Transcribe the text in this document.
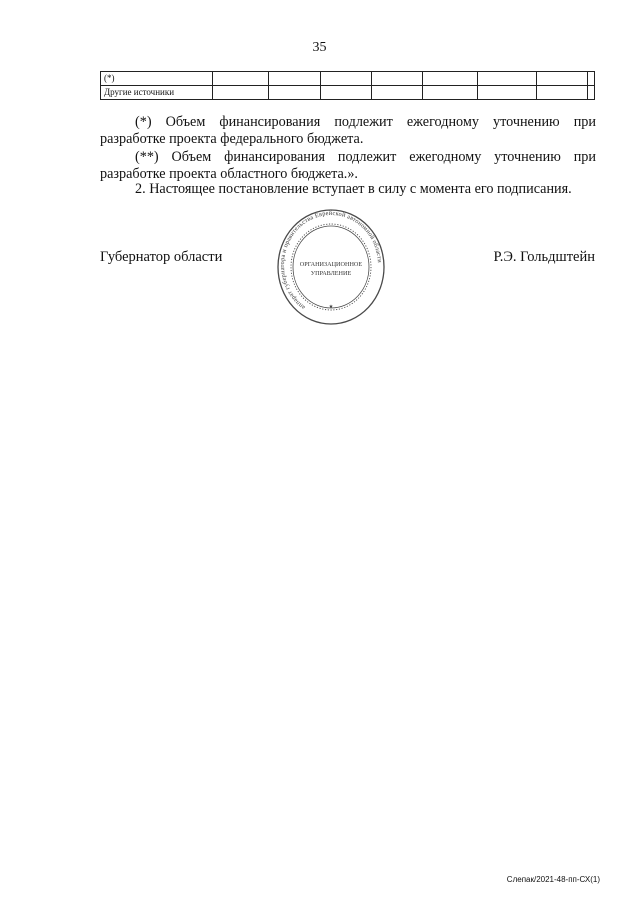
35
(*)								
Другие источники								

(*) Объем финансирования подлежит ежегодному уточнению при разработке проекта федерального бюджета.

(**) Объем финансирования подлежит ежегодному уточнению при разработке проекта областного бюджета.».

2. Настоящее постановление вступает в силу с момента его подписания.

Губернатор области	Р.Э. Гольдштейн
аппарат губернатора и правительства Еврейской автономной области
ОРГАНИЗАЦИОННОЕ
УПРАВЛЕНИЕ
★
Слепак/2021-48-пп-СХ(1)
